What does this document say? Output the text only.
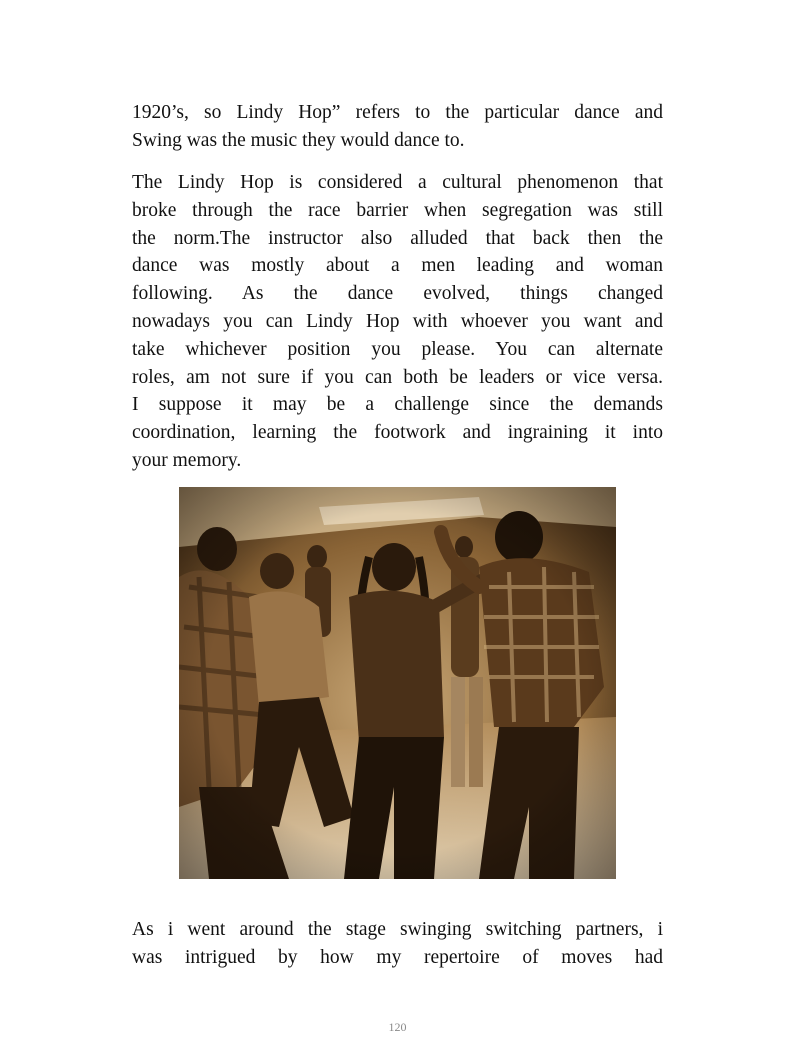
1920’s, so Lindy Hop” refers to the particular dance and
Swing was the music they would dance to.

The Lindy Hop is considered a cultural phenomenon that
broke through the race barrier when segregation was still
the norm.The instructor also alluded that back then the
dance was mostly about a men leading and woman
following. As the dance evolved, things changed
nowadays you can Lindy Hop with whoever you want and
take whichever position you please. You can alternate
roles, am not sure if you can both be leaders or vice versa.
I suppose it may be a challenge since the demands
coordination, learning the footwork and ingraining it into
your memory.

As i went around the stage swinging switching partners, i
was intrigued by how my repertoire of moves had

120
